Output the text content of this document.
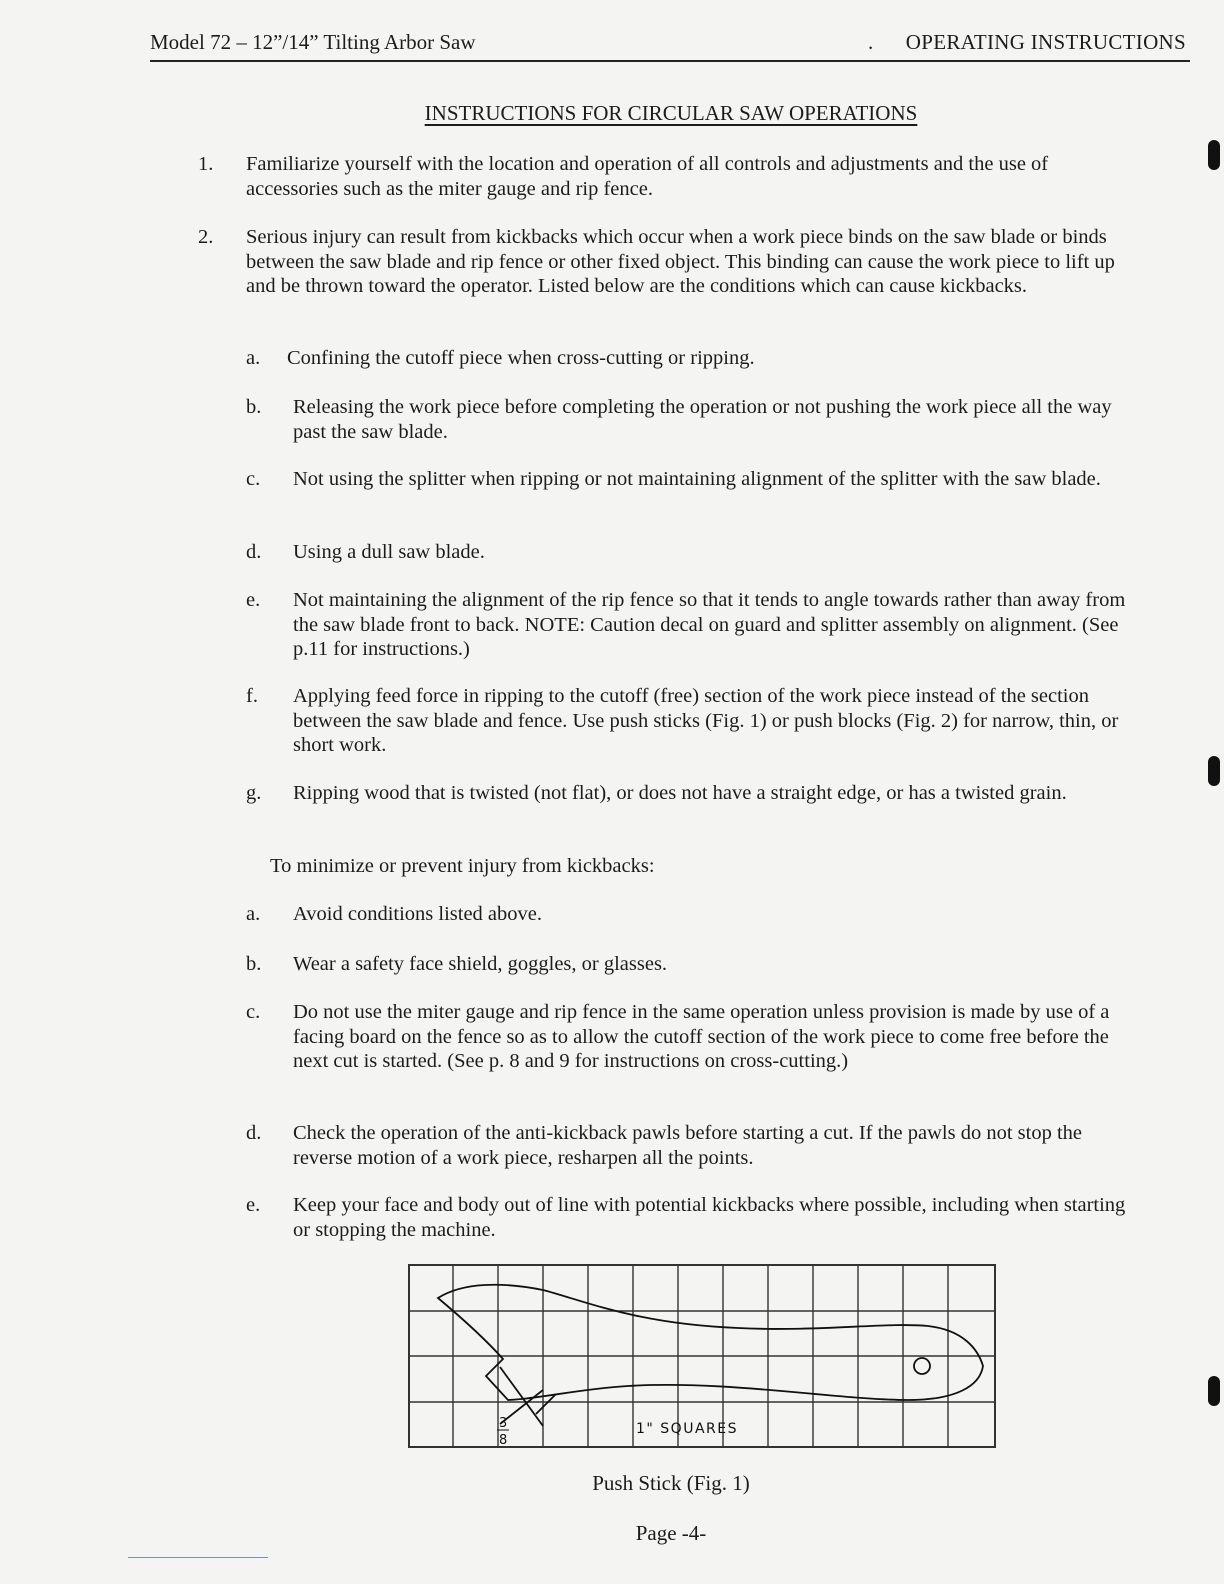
Model 72 – 12”/14” Tilting Arbor Saw	. OPERATING INSTRUCTIONS
INSTRUCTIONS FOR CIRCULAR SAW OPERATIONS
1. Familiarize yourself with the location and operation of all controls and adjustments and the use of accessories such as the miter gauge and rip fence.
2. Serious injury can result from kickbacks which occur when a work piece binds on the saw blade or binds between the saw blade and rip fence or other fixed object. This binding can cause the work piece to lift up and be thrown toward the operator. Listed below are the conditions which can cause kickbacks.
a. Confining the cutoff piece when cross-cutting or ripping.
b. Releasing the work piece before completing the operation or not pushing the work piece all the way past the saw blade.
c. Not using the splitter when ripping or not maintaining alignment of the splitter with the saw blade.
d. Using a dull saw blade.
e. Not maintaining the alignment of the rip fence so that it tends to angle towards rather than away from the saw blade front to back. NOTE: Caution decal on guard and splitter assembly on alignment. (See p.11 for instructions.)
f. Applying feed force in ripping to the cutoff (free) section of the work piece instead of the section between the saw blade and fence. Use push sticks (Fig. 1) or push blocks (Fig. 2) for narrow, thin, or short work.
g. Ripping wood that is twisted (not flat), or does not have a straight edge, or has a twisted grain.
To minimize or prevent injury from kickbacks:
a. Avoid conditions listed above.
b. Wear a safety face shield, goggles, or glasses.
c. Do not use the miter gauge and rip fence in the same operation unless provision is made by use of a facing board on the fence so as to allow the cutoff section of the work piece to come free before the next cut is started. (See p. 8 and 9 for instructions on cross-cutting.)
d. Check the operation of the anti-kickback pawls before starting a cut. If the pawls do not stop the reverse motion of a work piece, resharpen all the points.
e. Keep your face and body out of line with potential kickbacks where possible, including when starting or stopping the machine.
3
8
1" SQUARES
Push Stick (Fig. 1)
Page -4-
